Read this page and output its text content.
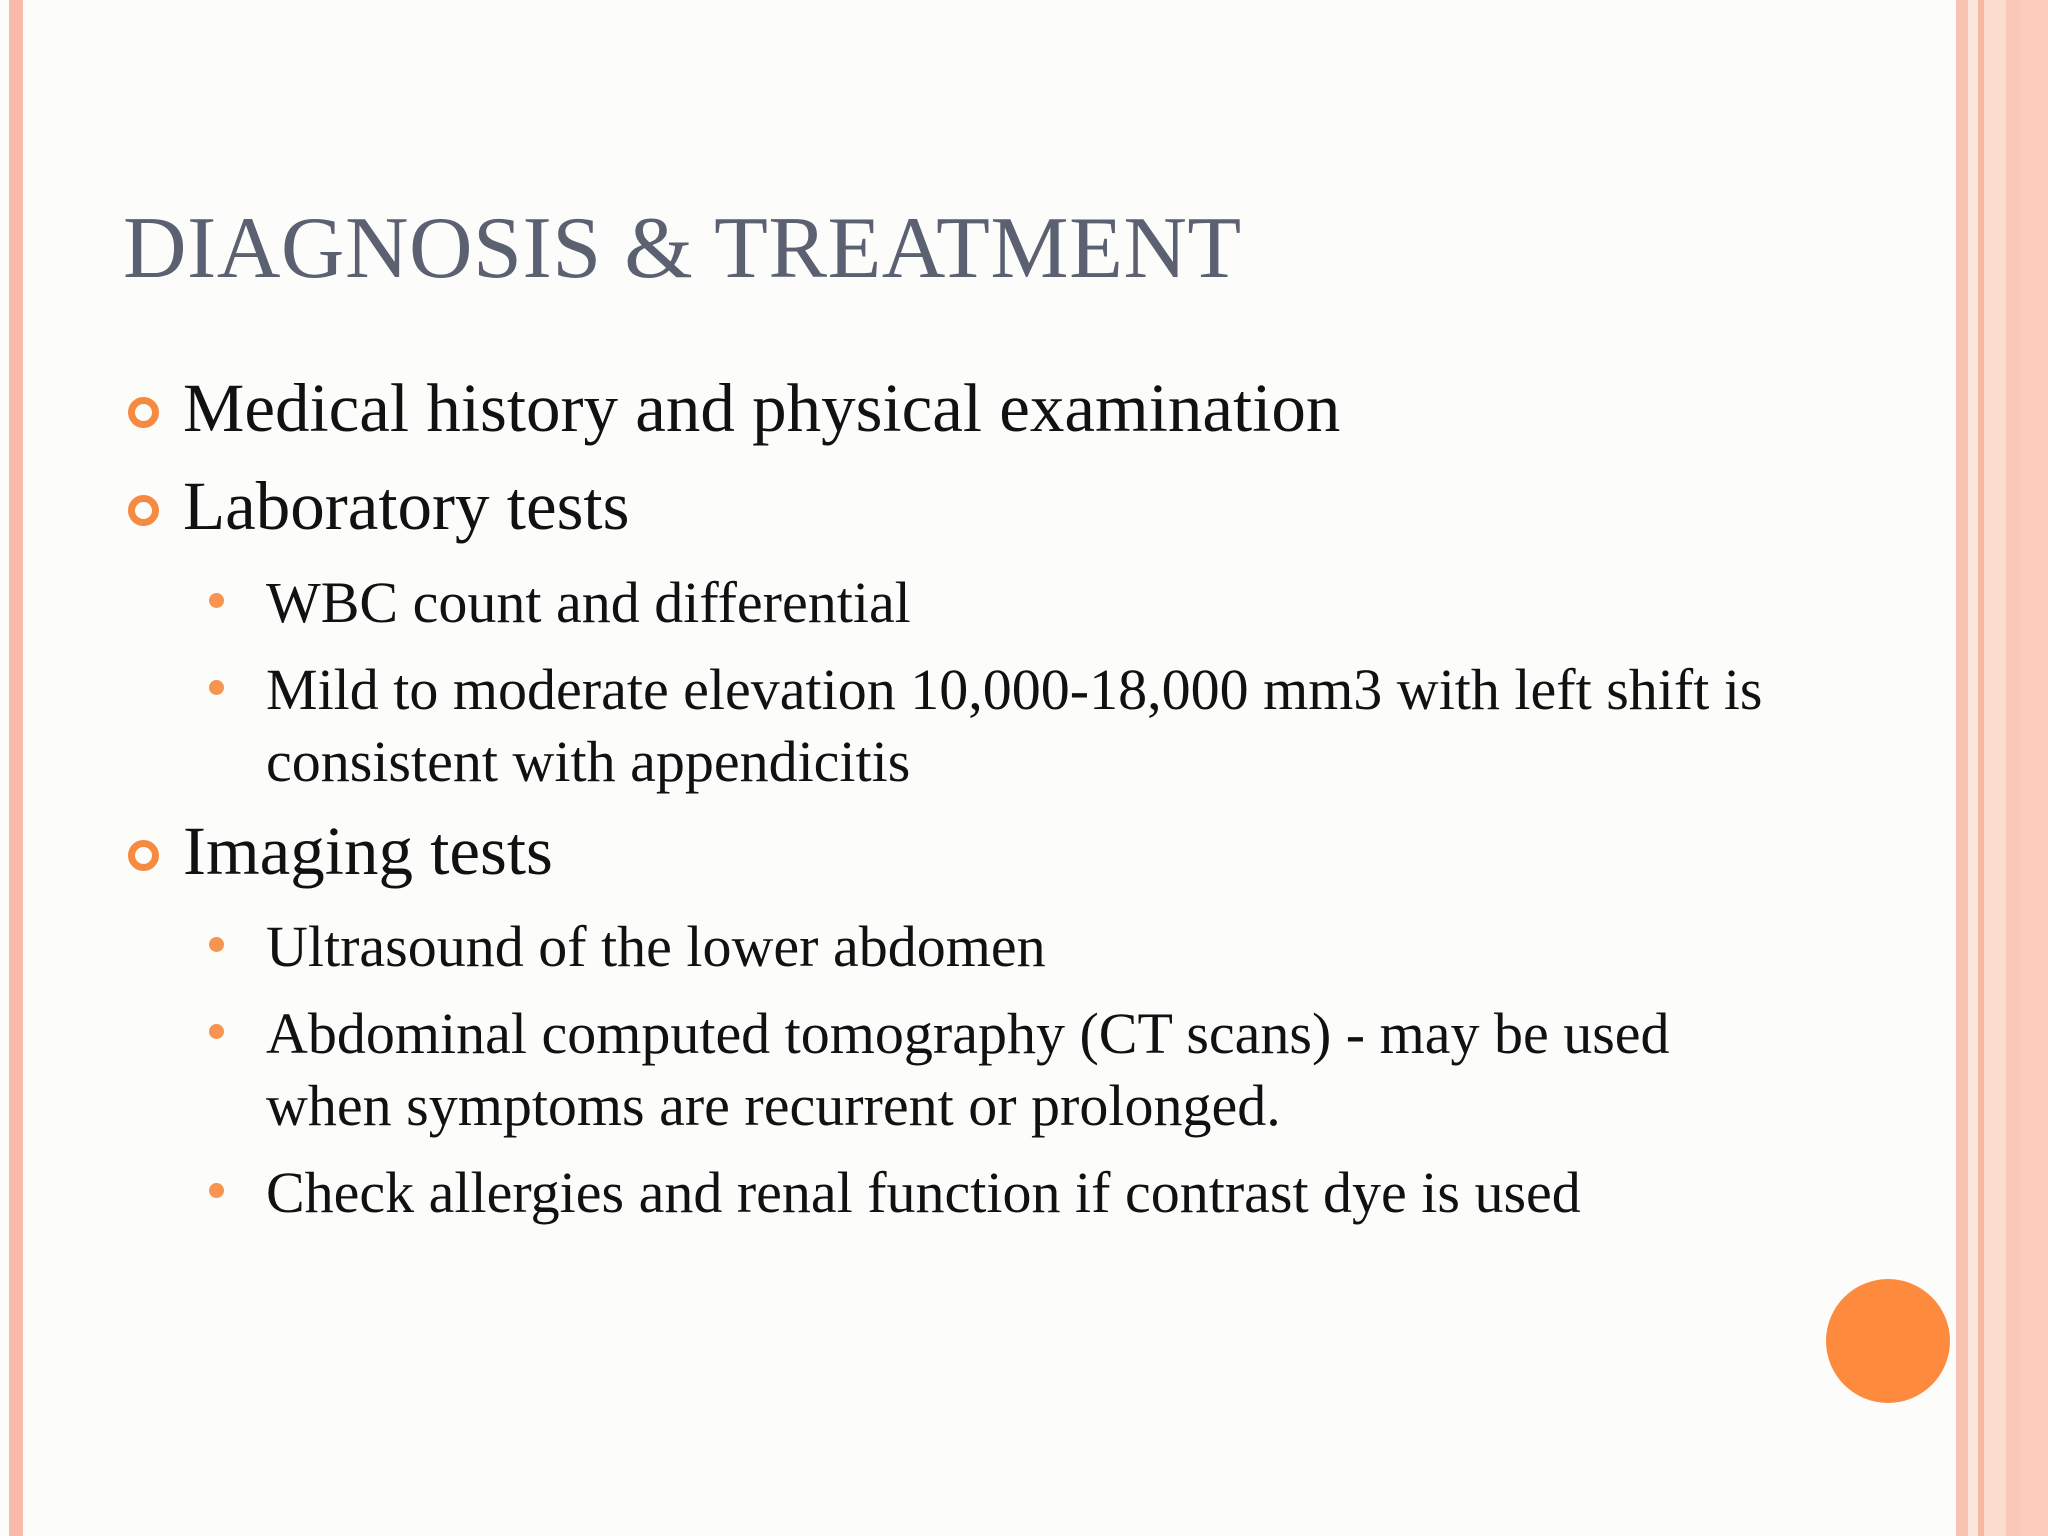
DIAGNOSIS & TREATMENT
Medical history and physical examination
Laboratory tests
WBC count and differential
Mild to moderate elevation 10,000-18,000 mm3 with left shift is consistent with appendicitis
Imaging tests
Ultrasound of the lower abdomen
Abdominal computed tomography (CT scans) - may be used when symptoms are recurrent or prolonged.
Check allergies and renal function if contrast dye is used
